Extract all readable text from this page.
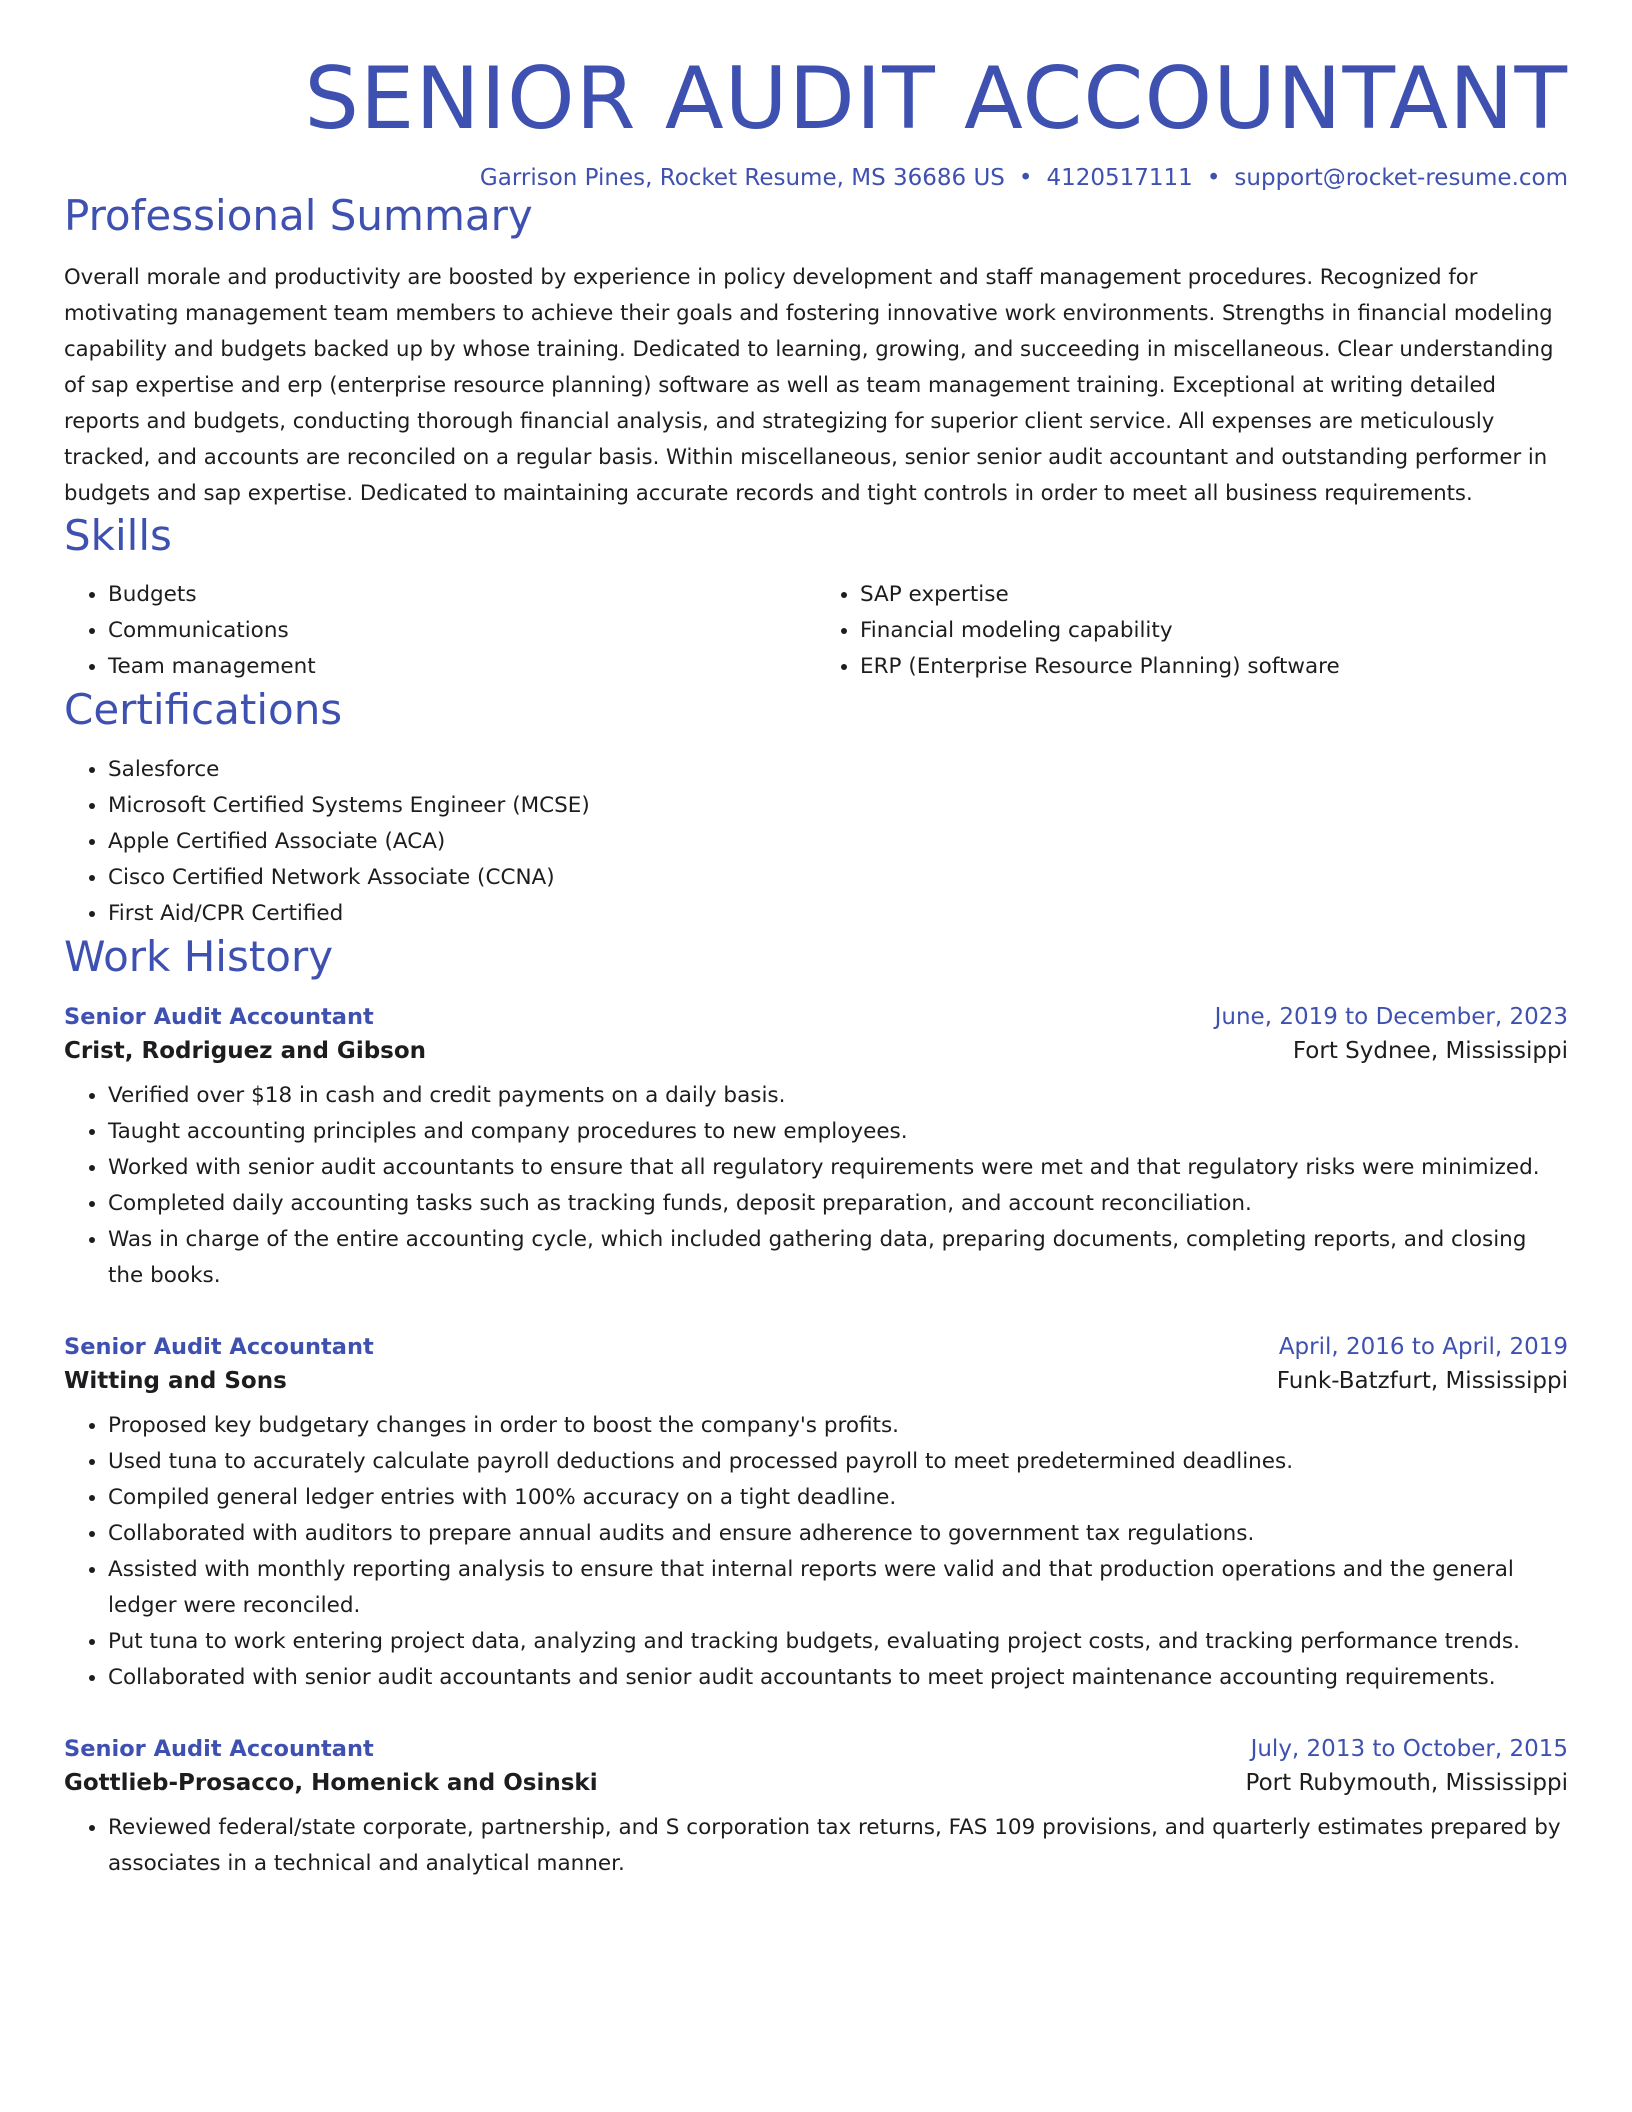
SENIOR AUDIT ACCOUNTANT
Garrison Pines, Rocket Resume, MS 36686 US • 4120517111 • support@rocket-resume.com
Professional Summary
Overall morale and productivity are boosted by experience in policy development and staff management procedures. Recognized for motivating management team members to achieve their goals and fostering innovative work environments. Strengths in financial modeling capability and budgets backed up by whose training. Dedicated to learning, growing, and succeeding in miscellaneous. Clear understanding of sap expertise and erp (enterprise resource planning) software as well as team management training. Exceptional at writing detailed reports and budgets, conducting thorough financial analysis, and strategizing for superior client service. All expenses are meticulously tracked, and accounts are reconciled on a regular basis. Within miscellaneous, senior senior audit accountant and outstanding performer in budgets and sap expertise. Dedicated to maintaining accurate records and tight controls in order to meet all business requirements.
Skills
• Budgets
• Communications
• Team management
• SAP expertise
• Financial modeling capability
• ERP (Enterprise Resource Planning) software
Certifications
• Salesforce
• Microsoft Certified Systems Engineer (MCSE)
• Apple Certified Associate (ACA)
• Cisco Certified Network Associate (CCNA)
• First Aid/CPR Certified
Work History
Senior Audit Accountant	June, 2019 to December, 2023
Crist, Rodriguez and Gibson	Fort Sydnee, Mississippi
• Verified over $18 in cash and credit payments on a daily basis.
• Taught accounting principles and company procedures to new employees.
• Worked with senior audit accountants to ensure that all regulatory requirements were met and that regulatory risks were minimized.
• Completed daily accounting tasks such as tracking funds, deposit preparation, and account reconciliation.
• Was in charge of the entire accounting cycle, which included gathering data, preparing documents, completing reports, and closing the books.
Senior Audit Accountant	April, 2016 to April, 2019
Witting and Sons	Funk-Batzfurt, Mississippi
• Proposed key budgetary changes in order to boost the company's profits.
• Used tuna to accurately calculate payroll deductions and processed payroll to meet predetermined deadlines.
• Compiled general ledger entries with 100% accuracy on a tight deadline.
• Collaborated with auditors to prepare annual audits and ensure adherence to government tax regulations.
• Assisted with monthly reporting analysis to ensure that internal reports were valid and that production operations and the general ledger were reconciled.
• Put tuna to work entering project data, analyzing and tracking budgets, evaluating project costs, and tracking performance trends.
• Collaborated with senior audit accountants and senior audit accountants to meet project maintenance accounting requirements.
Senior Audit Accountant	July, 2013 to October, 2015
Gottlieb-Prosacco, Homenick and Osinski	Port Rubymouth, Mississippi
• Reviewed federal/state corporate, partnership, and S corporation tax returns, FAS 109 provisions, and quarterly estimates prepared by associates in a technical and analytical manner.
